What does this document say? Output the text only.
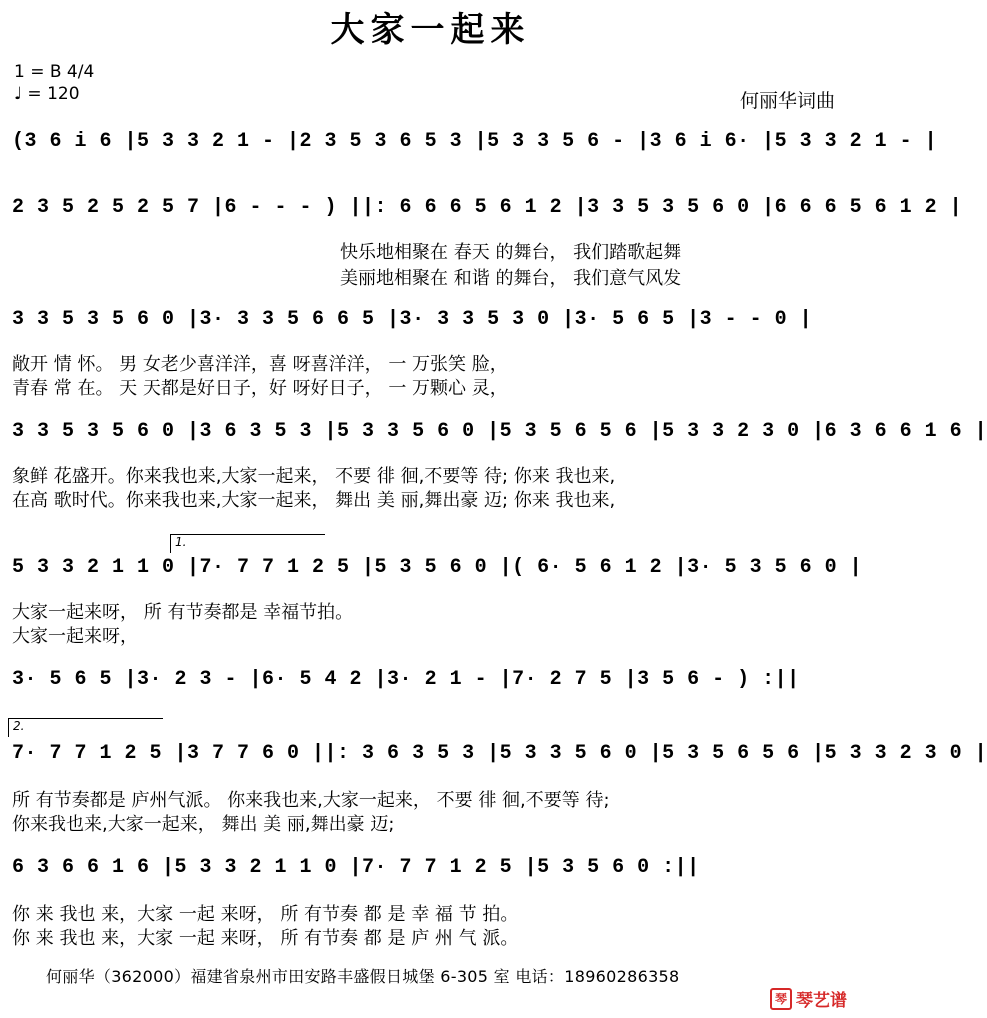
大家一起来
1 = B 4/4
♩ = 120	何丽华词曲
(3 6 i 6 |5 3 3 2 1 - |2 3 5 3 6 5 3 |5 3 3 5 6 - |3 6 i 6· |5 3 3 2 1 - |
2 3 5 2 5 2 5 7 |6 - - - ) ||: 6 6 6 5 6 1 2 |3 3 5 3 5 6 0 |6 6 6 5 6 1 2 |
快乐地相聚在 春天 的舞台， 我们踏歌起舞
美丽地相聚在 和谐 的舞台， 我们意气风发
3 3 5 3 5 6 0 |3· 3 3 5 6 6 5 |3· 3 3 5 3 0 |3· 5 6 5 |3 - - 0 |
敞开 情 怀。 男 女老少喜洋洋，喜 呀喜洋洋， 一 万张笑 脸，
青春 常 在。 天 天都是好日子，好 呀好日子， 一 万颗心 灵，
3 3 5 3 5 6 0 |3 6 3 5 3 |5 3 3 5 6 0 |5 3 5 6 5 6 |5 3 3 2 3 0 |6 3 6 6 1 6 |
象鲜 花盛开。你来我也来,大家一起来， 不要 徘 徊,不要等 待; 你来 我也来,
在高 歌时代。你来我也来,大家一起来， 舞出 美 丽,舞出豪 迈; 你来 我也来,
1.
5 3 3 2 1 1 0 |7· 7 7 1 2 5 |5 3 5 6 0 |( 6· 5 6 1 2 |3· 5 3 5 6 0 |
大家一起来呀， 所 有节奏都是 幸福节拍。
大家一起来呀，
3· 5 6 5 |3· 2 3 - |6· 5 4 2 |3· 2 1 - |7· 2 7 5 |3 5 6 - ) :||
2.
7· 7 7 1 2 5 |3 7 7 6 0 ||: 3 6 3 5 3 |5 3 3 5 6 0 |5 3 5 6 5 6 |5 3 3 2 3 0 |
所 有节奏都是 庐州气派。 你来我也来,大家一起来， 不要 徘 徊,不要等 待;
你来我也来,大家一起来， 舞出 美 丽,舞出豪 迈;
6 3 6 6 1 6 |5 3 3 2 1 1 0 |7· 7 7 1 2 5 |5 3 5 6 0 :||
你 来 我也 来，大家 一起 来呀， 所 有节奏 都 是 幸 福 节 拍。
你 来 我也 来，大家 一起 来呀， 所 有节奏 都 是 庐 州 气 派。
何丽华（362000）福建省泉州市田安路丰盛假日城堡 6-305 室 电话：18960286358
琴 琴艺谱
